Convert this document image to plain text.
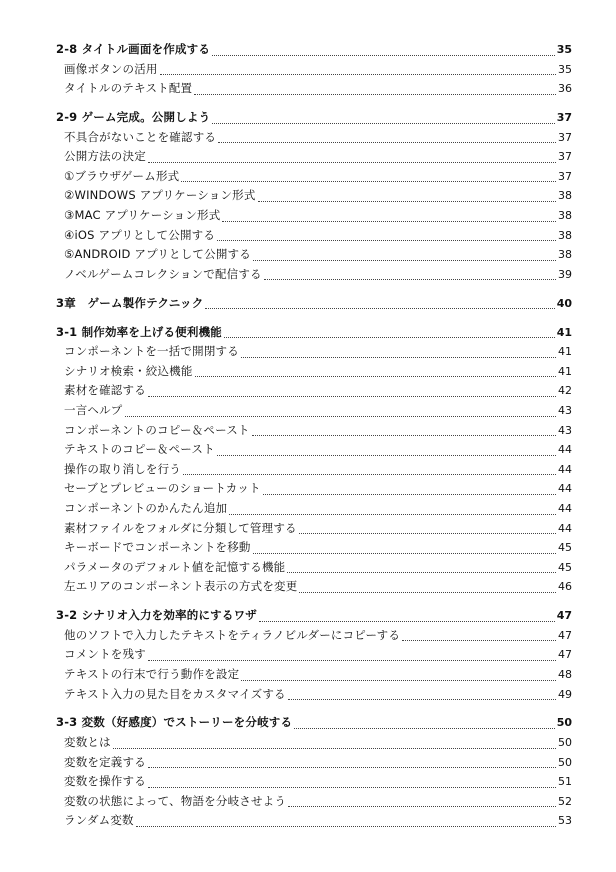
2-8 タイトル画面を作成する	35
画像ボタンの活用	35
タイトルのテキスト配置	36
2-9 ゲーム完成。公開しよう	37
不具合がないことを確認する	37
公開方法の決定	37
①ブラウザゲーム形式	37
②WINDOWS アプリケーション形式	38
③MAC アプリケーション形式	38
④iOS アプリとして公開する	38
⑤ANDROID アプリとして公開する	38
ノベルゲームコレクションで配信する	39
3章　ゲーム製作テクニック	40
3-1 制作効率を上げる便利機能	41
コンポーネントを一括で開閉する	41
シナリオ検索・絞込機能	41
素材を確認する	42
一言ヘルプ	43
コンポーネントのコピー＆ペースト	43
テキストのコピー＆ペースト	44
操作の取り消しを行う	44
セーブとプレビューのショートカット	44
コンポーネントのかんたん追加	44
素材ファイルをフォルダに分類して管理する	44
キーボードでコンポーネントを移動	45
パラメータのデフォルト値を記憶する機能	45
左エリアのコンポーネント表示の方式を変更	46
3-2 シナリオ入力を効率的にするワザ	47
他のソフトで入力したテキストをティラノビルダーにコピーする	47
コメントを残す	47
テキストの行末で行う動作を設定	48
テキスト入力の見た目をカスタマイズする	49
3-3 変数（好感度）でストーリーを分岐する	50
変数とは	50
変数を定義する	50
変数を操作する	51
変数の状態によって、物語を分岐させよう	52
ランダム変数	53
